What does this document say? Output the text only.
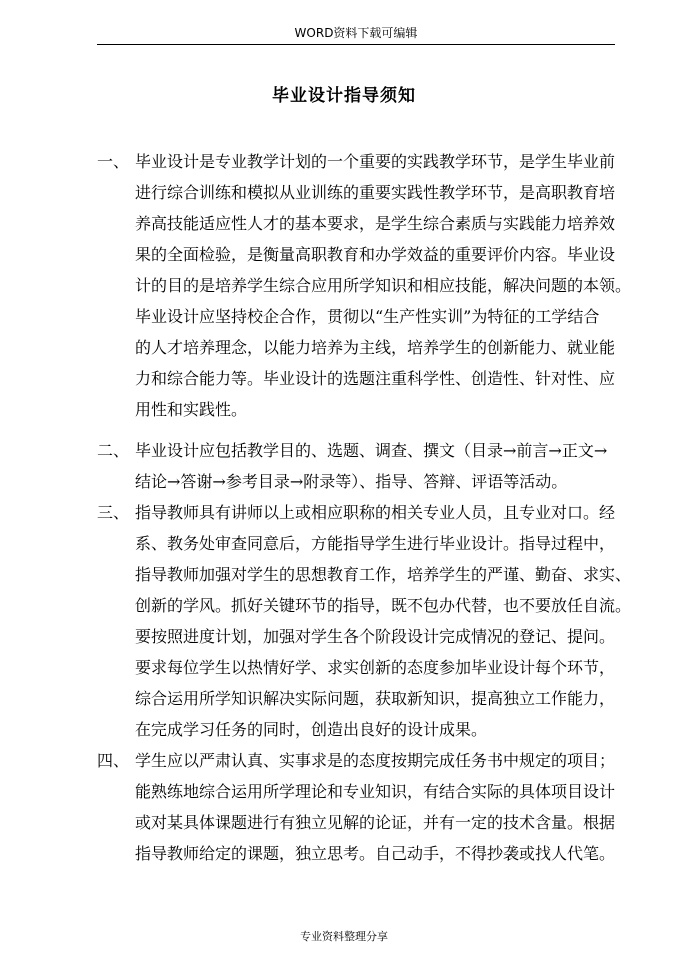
WORD资料下载可编辑
毕业设计指导须知
一、 毕业设计是专业教学计划的一个重要的实践教学环节，是学生毕业前
进行综合训练和模拟从业训练的重要实践性教学环节，是高职教育培
养高技能适应性人才的基本要求，是学生综合素质与实践能力培养效
果的全面检验，是衡量高职教育和办学效益的重要评价内容。毕业设
计的目的是培养学生综合应用所学知识和相应技能，解决问题的本领。
毕业设计应坚持校企合作，贯彻以“生产性实训”为特征的工学结合
的人才培养理念，以能力培养为主线，培养学生的创新能力、就业能
力和综合能力等。毕业设计的选题注重科学性、创造性、针对性、应
用性和实践性。
二、 毕业设计应包括教学目的、选题、调查、撰文（目录→前言→正文→
结论→答谢→参考目录→附录等）、指导、答辩、评语等活动。
三、 指导教师具有讲师以上或相应职称的相关专业人员，且专业对口。经
系、教务处审查同意后，方能指导学生进行毕业设计。指导过程中，
指导教师加强对学生的思想教育工作，培养学生的严谨、勤奋、求实、
创新的学风。抓好关键环节的指导，既不包办代替，也不要放任自流。
要按照进度计划，加强对学生各个阶段设计完成情况的登记、提问。
要求每位学生以热情好学、求实创新的态度参加毕业设计每个环节，
综合运用所学知识解决实际问题，获取新知识，提高独立工作能力，
在完成学习任务的同时，创造出良好的设计成果。
四、 学生应以严肃认真、实事求是的态度按期完成任务书中规定的项目；
能熟练地综合运用所学理论和专业知识，有结合实际的具体项目设计
或对某具体课题进行有独立见解的论证，并有一定的技术含量。根据
指导教师给定的课题，独立思考。自己动手，不得抄袭或找人代笔。
专业资料整理分享
